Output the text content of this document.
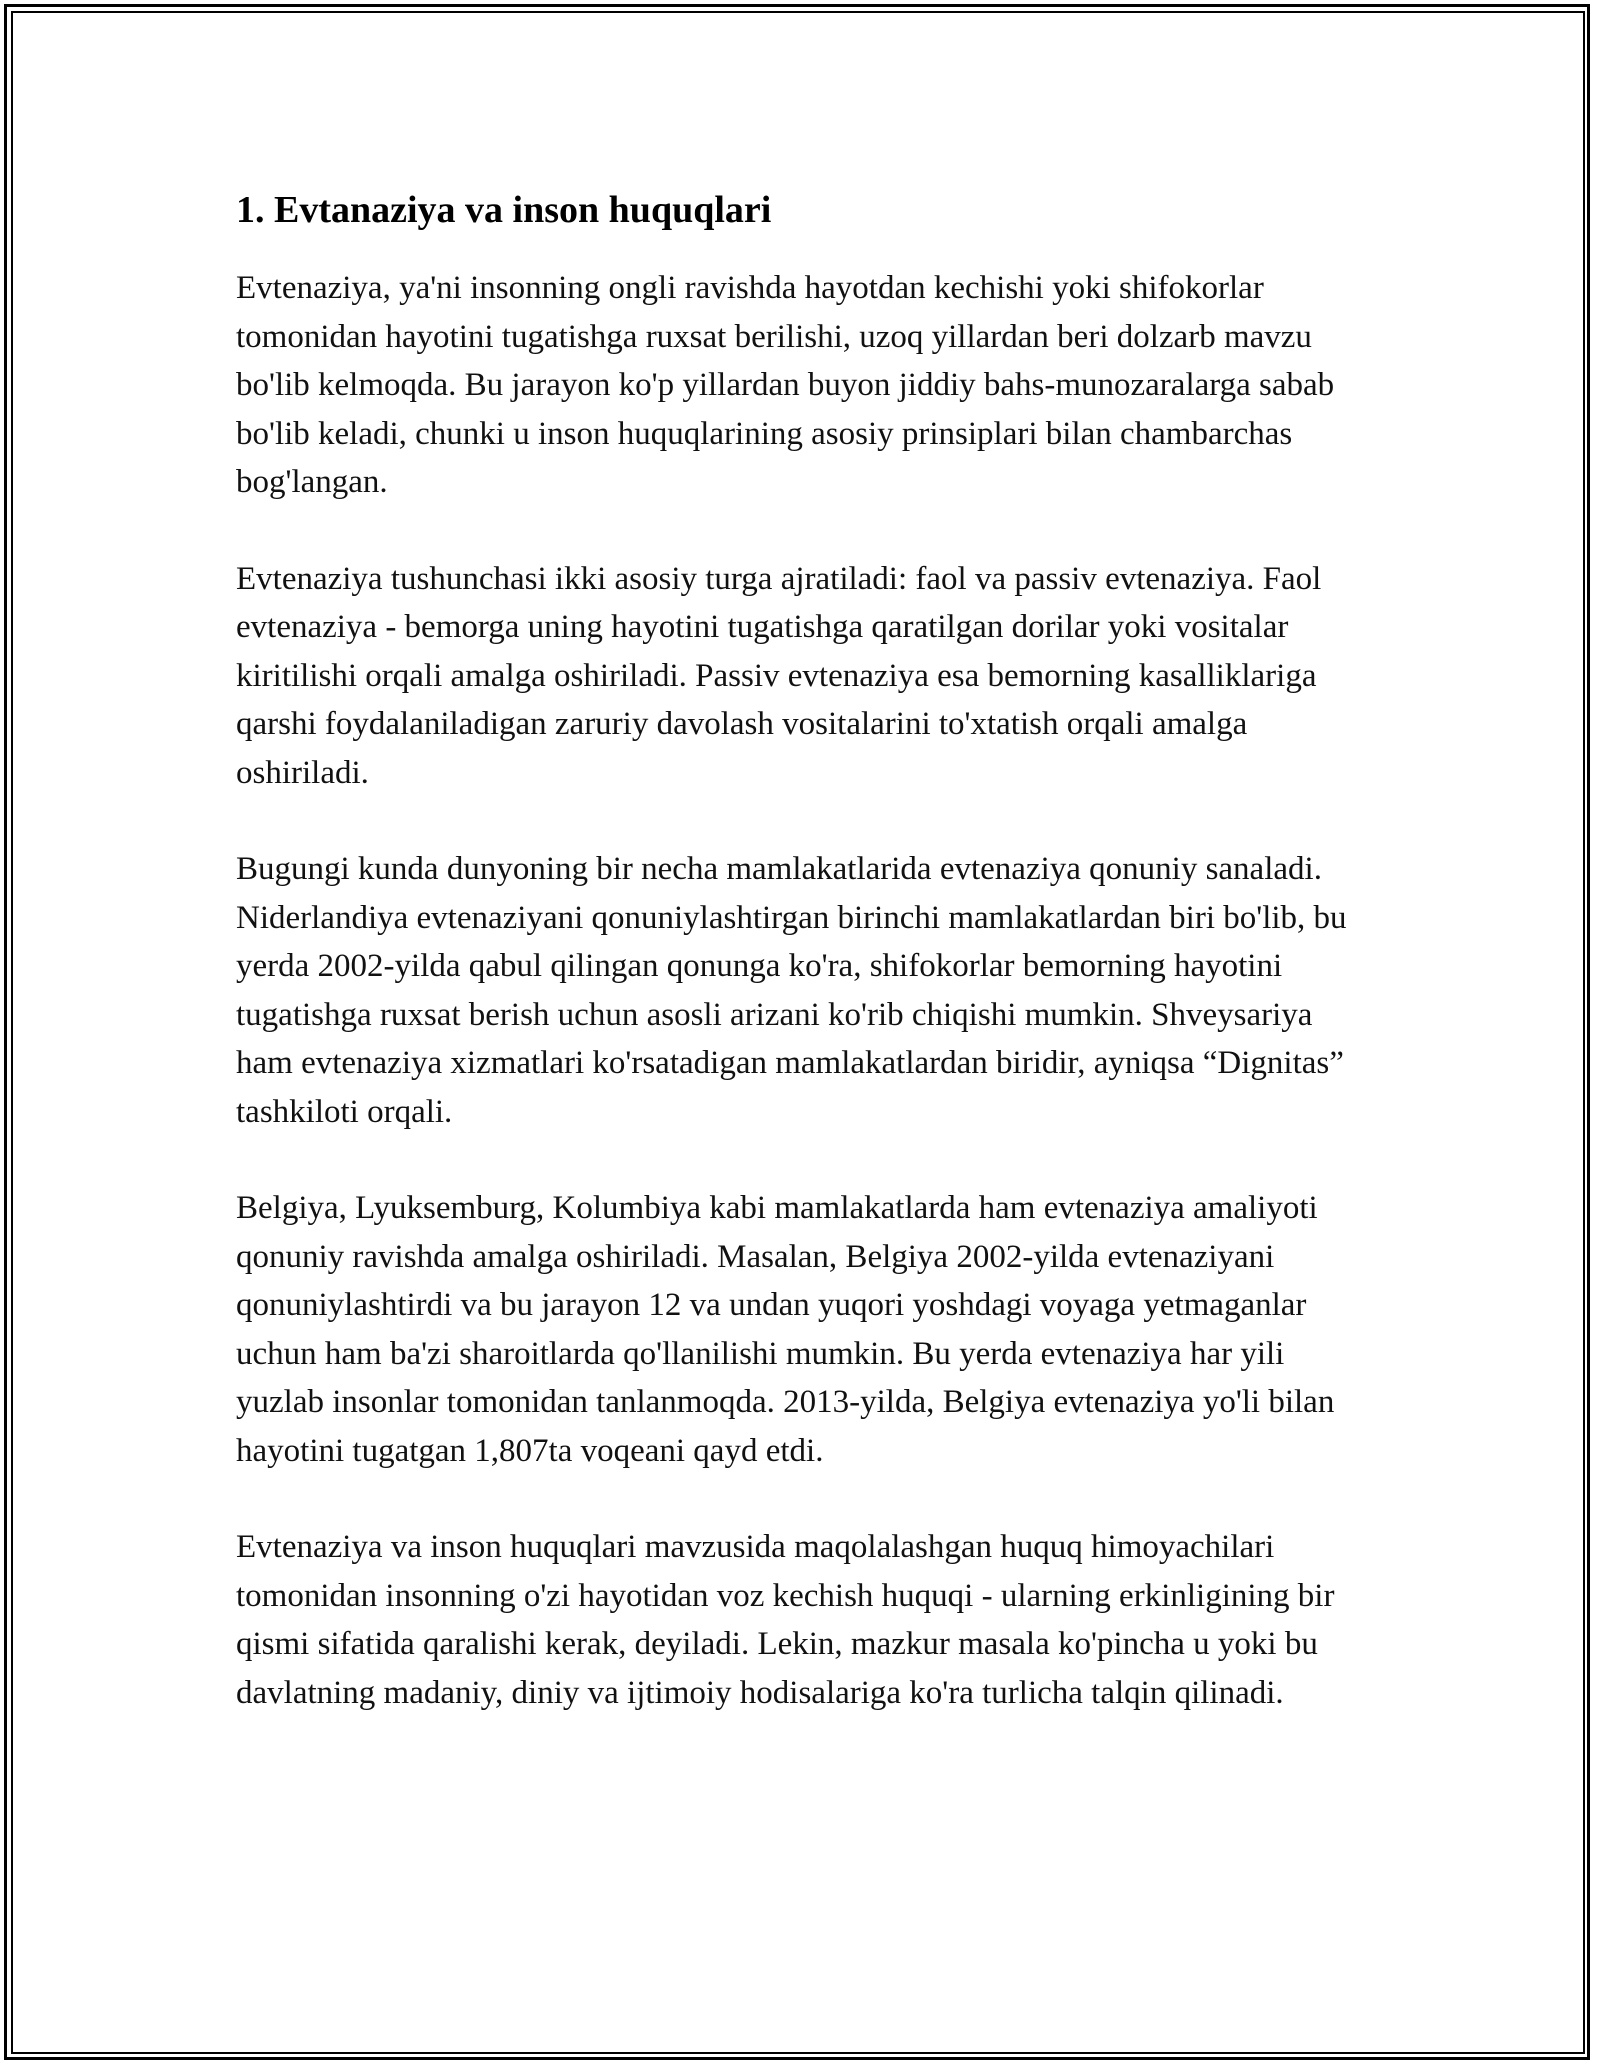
1. Evtanaziya va inson huquqlari

Evtenaziya, ya'ni insonning ongli ravishda hayotdan kechishi yoki shifokorlar tomonidan hayotini tugatishga ruxsat berilishi, uzoq yillardan beri dolzarb mavzu bo'lib kelmoqda. Bu jarayon ko'p yillardan buyon jiddiy bahs-munozaralarga sabab bo'lib keladi, chunki u inson huquqlarining asosiy prinsiplari bilan chambarchas bog'langan.

Evtenaziya tushunchasi ikki asosiy turga ajratiladi: faol va passiv evtenaziya. Faol evtenaziya - bemorga uning hayotini tugatishga qaratilgan dorilar yoki vositalar kiritilishi orqali amalga oshiriladi. Passiv evtenaziya esa bemorning kasalliklariga qarshi foydalaniladigan zaruriy davolash vositalarini to'xtatish orqali amalga oshiriladi.

Bugungi kunda dunyoning bir necha mamlakatlarida evtenaziya qonuniy sanaladi. Niderlandiya evtenaziyani qonuniylashtirgan birinchi mamlakatlardan biri bo'lib, bu yerda 2002-yilda qabul qilingan qonunga ko'ra, shifokorlar bemorning hayotini tugatishga ruxsat berish uchun asosli arizani ko'rib chiqishi mumkin. Shveysariya ham evtenaziya xizmatlari ko'rsatadigan mamlakatlardan biridir, ayniqsa “Dignitas” tashkiloti orqali.

Belgiya, Lyuksemburg, Kolumbiya kabi mamlakatlarda ham evtenaziya amaliyoti qonuniy ravishda amalga oshiriladi. Masalan, Belgiya 2002-yilda evtenaziyani qonuniylashtirdi va bu jarayon 12 va undan yuqori yoshdagi voyaga yetmaganlar uchun ham ba'zi sharoitlarda qo'llanilishi mumkin. Bu yerda evtenaziya har yili yuzlab insonlar tomonidan tanlanmoqda. 2013-yilda, Belgiya evtenaziya yo'li bilan hayotini tugatgan 1,807ta voqeani qayd etdi.

Evtenaziya va inson huquqlari mavzusida maqolalashgan huquq himoyachilari tomonidan insonning o'zi hayotidan voz kechish huquqi - ularning erkinligining bir qismi sifatida qaralishi kerak, deyiladi. Lekin, mazkur masala ko'pincha u yoki bu davlatning madaniy, diniy va ijtimoiy hodisalariga ko'ra turlicha talqin qilinadi.
